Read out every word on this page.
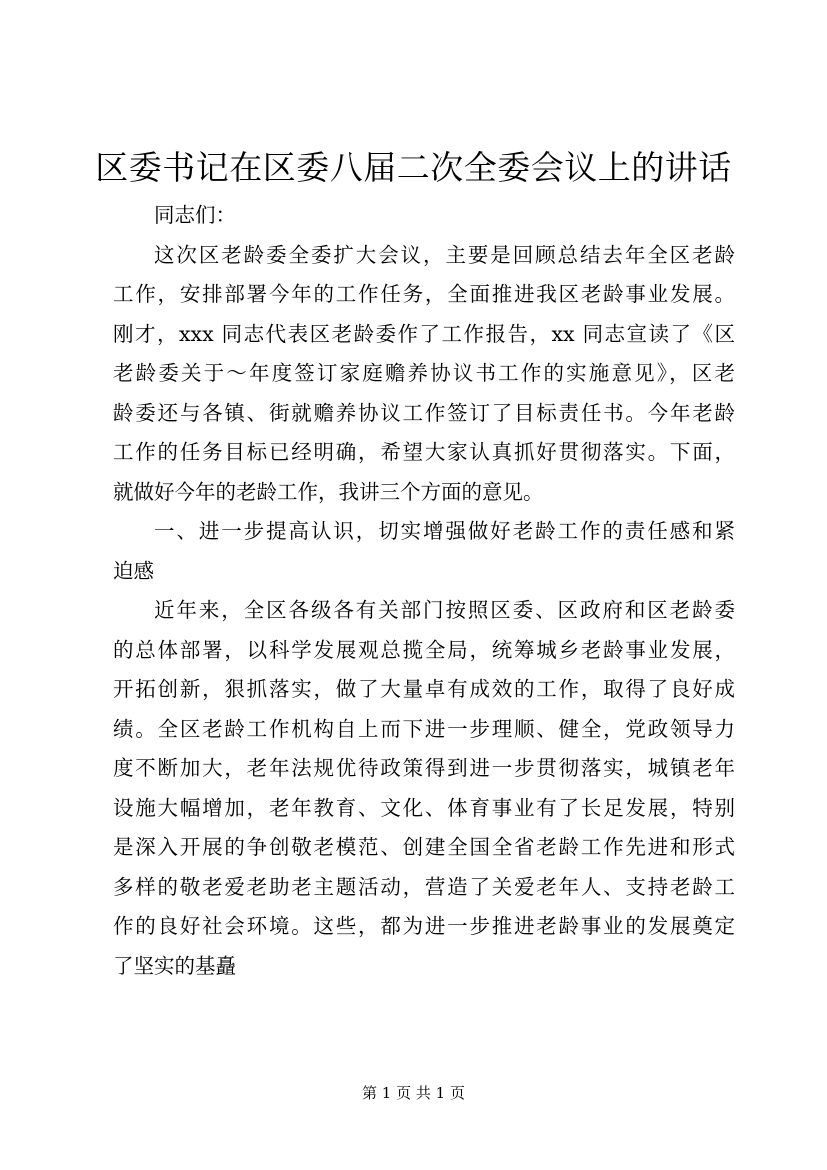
区委书记在区委八届二次全委会议上的讲话
同志们：
这次区老龄委全委扩大会议，主要是回顾总结去年全区老龄
工作，安排部署今年的工作任务，全面推进我区老龄事业发展。
刚才，xxx 同志代表区老龄委作了工作报告，xx 同志宣读了《区
老龄委关于～年度签订家庭赡养协议书工作的实施意见》，区老
龄委还与各镇、街就赡养协议工作签订了目标责任书。今年老龄
工作的任务目标已经明确，希望大家认真抓好贯彻落实。下面，
就做好今年的老龄工作，我讲三个方面的意见。
一、进一步提高认识，切实增强做好老龄工作的责任感和紧
迫感
近年来，全区各级各有关部门按照区委、区政府和区老龄委
的总体部署，以科学发展观总揽全局，统筹城乡老龄事业发展，
开拓创新，狠抓落实，做了大量卓有成效的工作，取得了良好成
绩。全区老龄工作机构自上而下进一步理顺、健全，党政领导力
度不断加大，老年法规优待政策得到进一步贯彻落实，城镇老年
设施大幅增加，老年教育、文化、体育事业有了长足发展，特别
是深入开展的争创敬老模范、创建全国全省老龄工作先进和形式
多样的敬老爱老助老主题活动，营造了关爱老年人、支持老龄工
作的良好社会环境。这些，都为进一步推进老龄事业的发展奠定
了坚实的基矗
第 1 页 共 1 页
